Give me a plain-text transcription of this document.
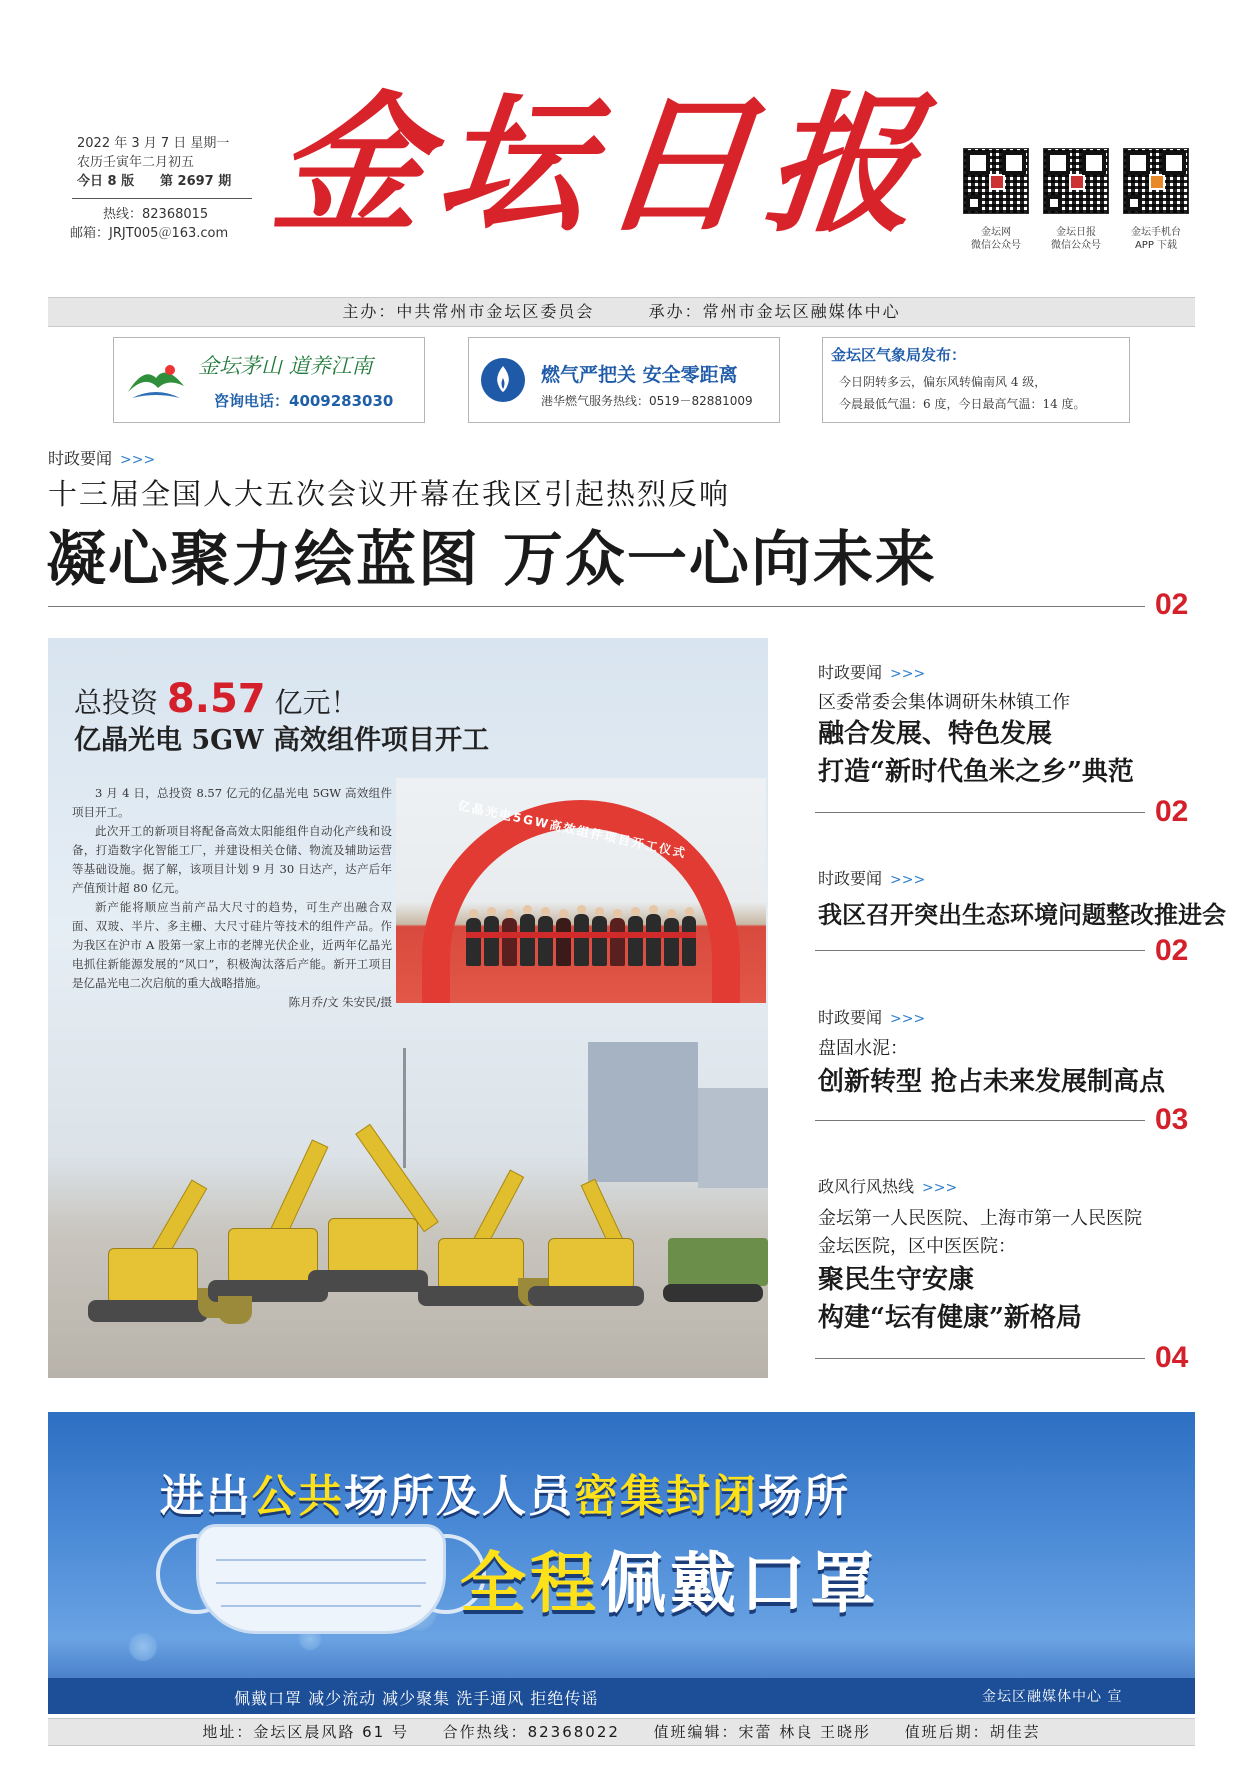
2022 年 3 月 7 日 星期一
农历壬寅年二月初五
今日 8 版 第 2697 期
热线：82368015
邮箱：JRJT005＠163.com 金坛日报	金坛网
微信公众号
金坛日报
微信公众号
金坛手机台
APP 下载
主办：中共常州市金坛区委员会	承办：常州市金坛区融媒体中心
金坛茅山 道养江南
咨询电话：4009283030
燃气严把关 安全零距离
港华燃气服务热线：0519－82881009
金坛区气象局发布：
今日阴转多云，偏东风转偏南风 4 级，
今晨最低气温：6 度，今日最高气温：14 度。
时政要闻 >>>
十三届全国人大五次会议开幕在我区引起热烈反响
凝心聚力绘蓝图 万众一心向未来
02
总投资 8.57 亿元！
亿晶光电 5GW 高效组件项目开工

3 月 4 日，总投资 8.57 亿元的亿晶光电 5GW 高效组件项目开工。

此次开工的新项目将配备高效太阳能组件自动化产线和设备，打造数字化智能工厂，并建设相关仓储、物流及辅助运营等基础设施。据了解，该项目计划 9 月 30 日达产，达产后年产值预计超 80 亿元。

新产能将顺应当前产品大尺寸的趋势，可生产出融合双面、双玻、半片、多主栅、大尺寸硅片等技术的组件产品。作为我区在沪市 A 股第一家上市的老牌光伏企业，近两年亿晶光电抓住新能源发展的“风口”，积极淘汰落后产能。新开工项目是亿晶光电二次启航的重大战略措施。

陈月乔/文 朱安民/摄

亿晶光电5GW高效组件项目开工仪式
时政要闻 >>>
区委常委会集体调研朱林镇工作
融合发展、特色发展
打造“新时代鱼米之乡”典范
02
时政要闻 >>>
我区召开突出生态环境问题整改推进会
02
时政要闻 >>>
盘固水泥：
创新转型 抢占未来发展制高点
03
政风行风热线 >>>
金坛第一人民医院、上海市第一人民医院
金坛医院，区中医医院：
聚民生守安康
构建“坛有健康”新格局
04
进出公共场所及人员密集封闭场所
全程佩戴口罩
佩戴口罩 减少流动 减少聚集 洗手通风 拒绝传谣	金坛区融媒体中心 宣
地址：金坛区晨风路 61 号 合作热线：82368022 值班编辑：宋蕾 林良 王晓彤 值班后期：胡佳芸
